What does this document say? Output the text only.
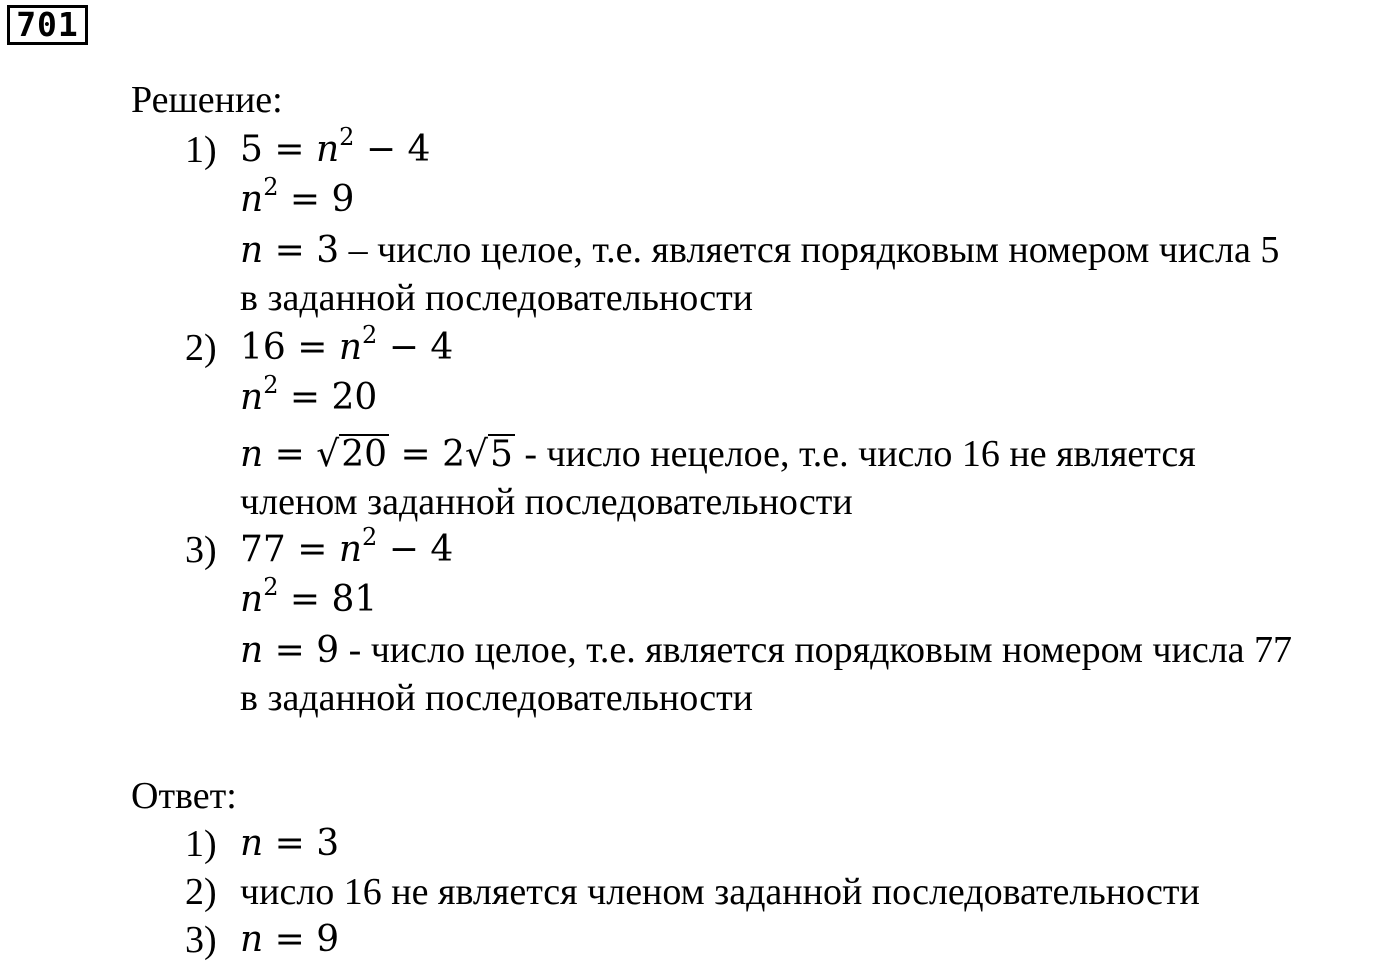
701
Решение:
1) $5 = n^2 - 4$
$n^2 = 9$
n = 3 – число целое, т.е. является порядковым номером числа 5
в заданной последовательности
2) $16 = n^2 - 4$
$n^2 = 20$
n = √20 = 2√5 - число нецелое, т.е. число 16 не является
членом заданной последовательности
3) $77 = n^2 - 4$
$n^2 = 81$
n = 9 - число целое, т.е. является порядковым номером числа 77
в заданной последовательности
Ответ:
1) n = 3
2) число 16 не является членом заданной последовательности
3) n = 9
